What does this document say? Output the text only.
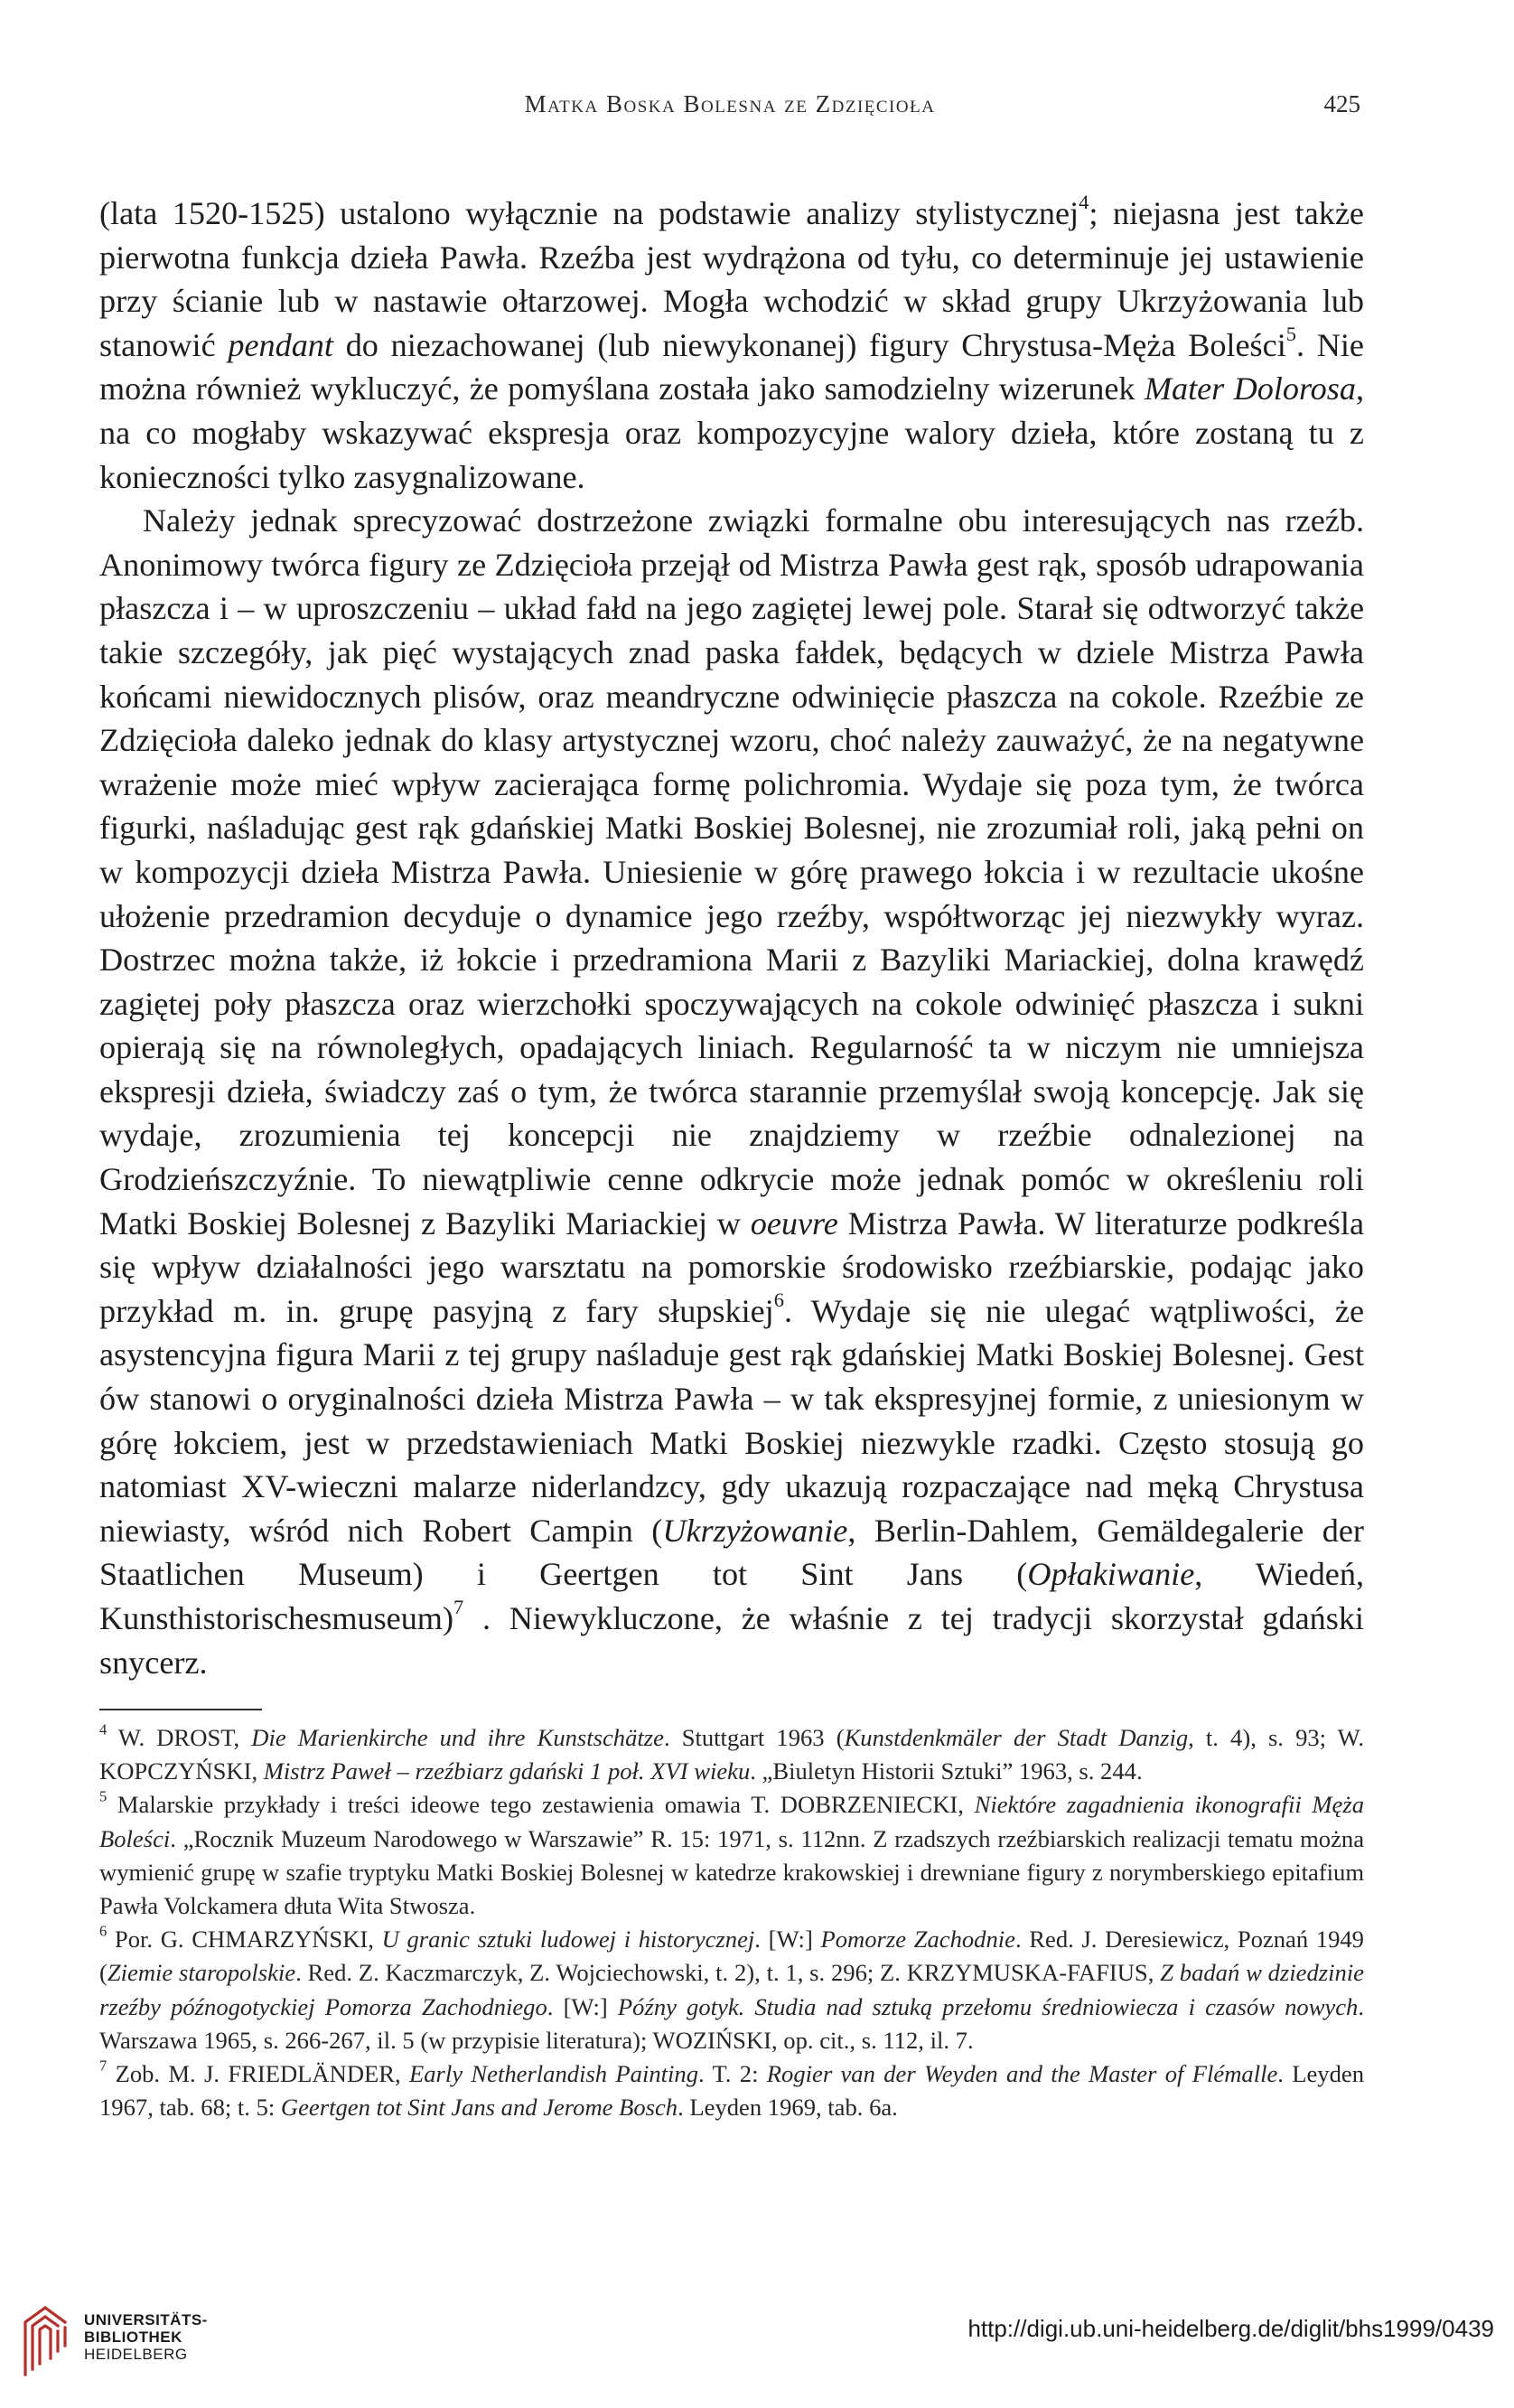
Matka Boska Bolesna ze Zdzięcioła	425

(lata 1520-1525) ustalono wyłącznie na podstawie analizy stylistycznej$^4$; niejasna jest także pierwotna funkcja dzieła Pawła. Rzeźba jest wydrążona od tyłu, co determinuje jej ustawienie przy ścianie lub w nastawie ołtarzowej. Mogła wchodzić w skład grupy Ukrzyżowania lub stanowić pendant do niezachowanej (lub niewykonanej) figury Chrystusa-Męża Boleści$^5$. Nie można również wykluczyć, że pomyślana została jako samodzielny wizerunek Mater Dolorosa, na co mogłaby wskazywać ekspresja oraz kompozycyjne walory dzieła, które zostaną tu z konieczności tylko zasygnalizowane.

Należy jednak sprecyzować dostrzeżone związki formalne obu interesujących nas rzeźb. Anonimowy twórca figury ze Zdzięcioła przejął od Mistrza Pawła gest rąk, sposób udrapowania płaszcza i – w uproszczeniu – układ fałd na jego zagiętej lewej pole. Starał się odtworzyć także takie szczegóły, jak pięć wystających znad paska fałdek, będących w dziele Mistrza Pawła końcami niewidocznych plisów, oraz meandryczne odwinięcie płaszcza na cokole. Rzeźbie ze Zdzięcioła daleko jednak do klasy artystycznej wzoru, choć należy zauważyć, że na negatywne wrażenie może mieć wpływ zacierająca formę polichromia. Wydaje się poza tym, że twórca figurki, naśladując gest rąk gdańskiej Matki Boskiej Bolesnej, nie zrozumiał roli, jaką pełni on w kompozycji dzieła Mistrza Pawła. Uniesienie w górę prawego łokcia i w rezultacie ukośne ułożenie przedramion decyduje o dynamice jego rzeźby, współtworząc jej niezwykły wyraz. Dostrzec można także, iż łokcie i przedramiona Marii z Bazyliki Mariackiej, dolna krawędź zagiętej poły płaszcza oraz wierzchołki spoczywających na cokole odwinięć płaszcza i sukni opierają się na równoległych, opadających liniach. Regularność ta w niczym nie umniejsza ekspresji dzieła, świadczy zaś o tym, że twórca starannie przemyślał swoją koncepcję. Jak się wydaje, zrozumienia tej koncepcji nie znajdziemy w rzeźbie odnalezionej na Grodzieńszczyźnie. To niewątpliwie cenne odkrycie może jednak pomóc w określeniu roli Matki Boskiej Bolesnej z Bazyliki Mariackiej w oeuvre Mistrza Pawła. W literaturze podkreśla się wpływ działalności jego warsztatu na pomorskie środowisko rzeźbiarskie, podając jako przykład m. in. grupę pasyjną z fary słupskiej$^6$. Wydaje się nie ulegać wątpliwości, że asystencyjna figura Marii z tej grupy naśladuje gest rąk gdańskiej Matki Boskiej Bolesnej. Gest ów stanowi o oryginalności dzieła Mistrza Pawła – w tak ekspresyjnej formie, z uniesionym w górę łokciem, jest w przedstawieniach Matki Boskiej niezwykle rzadki. Często stosują go natomiast XV-wieczni malarze niderlandzcy, gdy ukazują rozpaczające nad męką Chrystusa niewiasty, wśród nich Robert Campin (Ukrzyżowanie, Berlin-Dahlem, Gemäldegalerie der Staatlichen Museum) i Geertgen tot Sint Jans (Opłakiwanie, Wiedeń, Kunsthistorischesmuseum)$^7$ . Niewykluczone, że właśnie z tej tradycji skorzystał gdański snycerz.

$^4$ W. DROST, Die Marienkirche und ihre Kunstschätze. Stuttgart 1963 (Kunstdenkmäler der Stadt Danzig, t. 4), s. 93; W. KOPCZYŃSKI, Mistrz Paweł – rzeźbiarz gdański 1 poł. XVI wieku. „Biuletyn Historii Sztuki” 1963, s. 244.

$^5$ Malarskie przykłady i treści ideowe tego zestawienia omawia T. DOBRZENIECKI, Niektóre zagadnienia ikonografii Męża Boleści. „Rocznik Muzeum Narodowego w Warszawie” R. 15: 1971, s. 112nn. Z rzadszych rzeźbiarskich realizacji tematu można wymienić grupę w szafie tryptyku Matki Boskiej Bolesnej w katedrze krakowskiej i drewniane figury z norymberskiego epitafium Pawła Volckamera dłuta Wita Stwosza.

$^6$ Por. G. CHMARZYŃSKI, U granic sztuki ludowej i historycznej. [W:] Pomorze Zachodnie. Red. J. Deresiewicz, Poznań 1949 (Ziemie staropolskie. Red. Z. Kaczmarczyk, Z. Wojciechowski, t. 2), t. 1, s. 296; Z. KRZYMUSKA-FAFIUS, Z badań w dziedzinie rzeźby późnogotyckiej Pomorza Zachodniego. [W:] Późny gotyk. Studia nad sztuką przełomu średniowiecza i czasów nowych. Warszawa 1965, s. 266-267, il. 5 (w przypisie literatura); WOZIŃSKI, op. cit., s. 112, il. 7.

$^7$ Zob. M. J. FRIEDLÄNDER, Early Netherlandish Painting. T. 2: Rogier van der Weyden and the Master of Flémalle. Leyden 1967, tab. 68; t. 5: Geertgen tot Sint Jans and Jerome Bosch. Leyden 1969, tab. 6a.

UNIVERSITÄTS-
BIBLIOTHEK
HEIDELBERG
http://digi.ub.uni-heidelberg.de/diglit/bhs1999/0439
